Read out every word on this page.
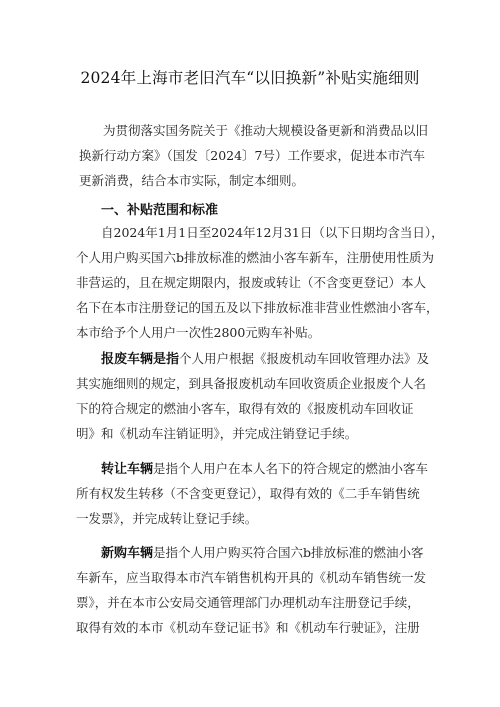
2024年上海市老旧汽车“以旧换新”补贴实施细则
为贯彻落实国务院关于《推动大规模设备更新和消费品以旧
换新行动方案》（国发〔2024〕7号）工作要求，促进本市汽车
更新消费，结合本市实际，制定本细则。
一、补贴范围和标准
自2024年1月1日至2024年12月31日（以下日期均含当日），
个人用户购买国六b排放标准的燃油小客车新车，注册使用性质为
非营运的，且在规定期限内，报废或转让（不含变更登记）本人
名下在本市注册登记的国五及以下排放标准非营业性燃油小客车，
本市给予个人用户一次性2800元购车补贴。
报废车辆是指个人用户根据《报废机动车回收管理办法》及
其实施细则的规定，到具备报废机动车回收资质企业报废个人名
下的符合规定的燃油小客车，取得有效的《报废机动车回收证
明》和《机动车注销证明》，并完成注销登记手续。
转让车辆是指个人用户在本人名下的符合规定的燃油小客车
所有权发生转移（不含变更登记），取得有效的《二手车销售统
一发票》，并完成转让登记手续。
新购车辆是指个人用户购买符合国六b排放标准的燃油小客
车新车，应当取得本市汽车销售机构开具的《机动车销售统一发
票》，并在本市公安局交通管理部门办理机动车注册登记手续，
取得有效的本市《机动车登记证书》和《机动车行驶证》，注册
